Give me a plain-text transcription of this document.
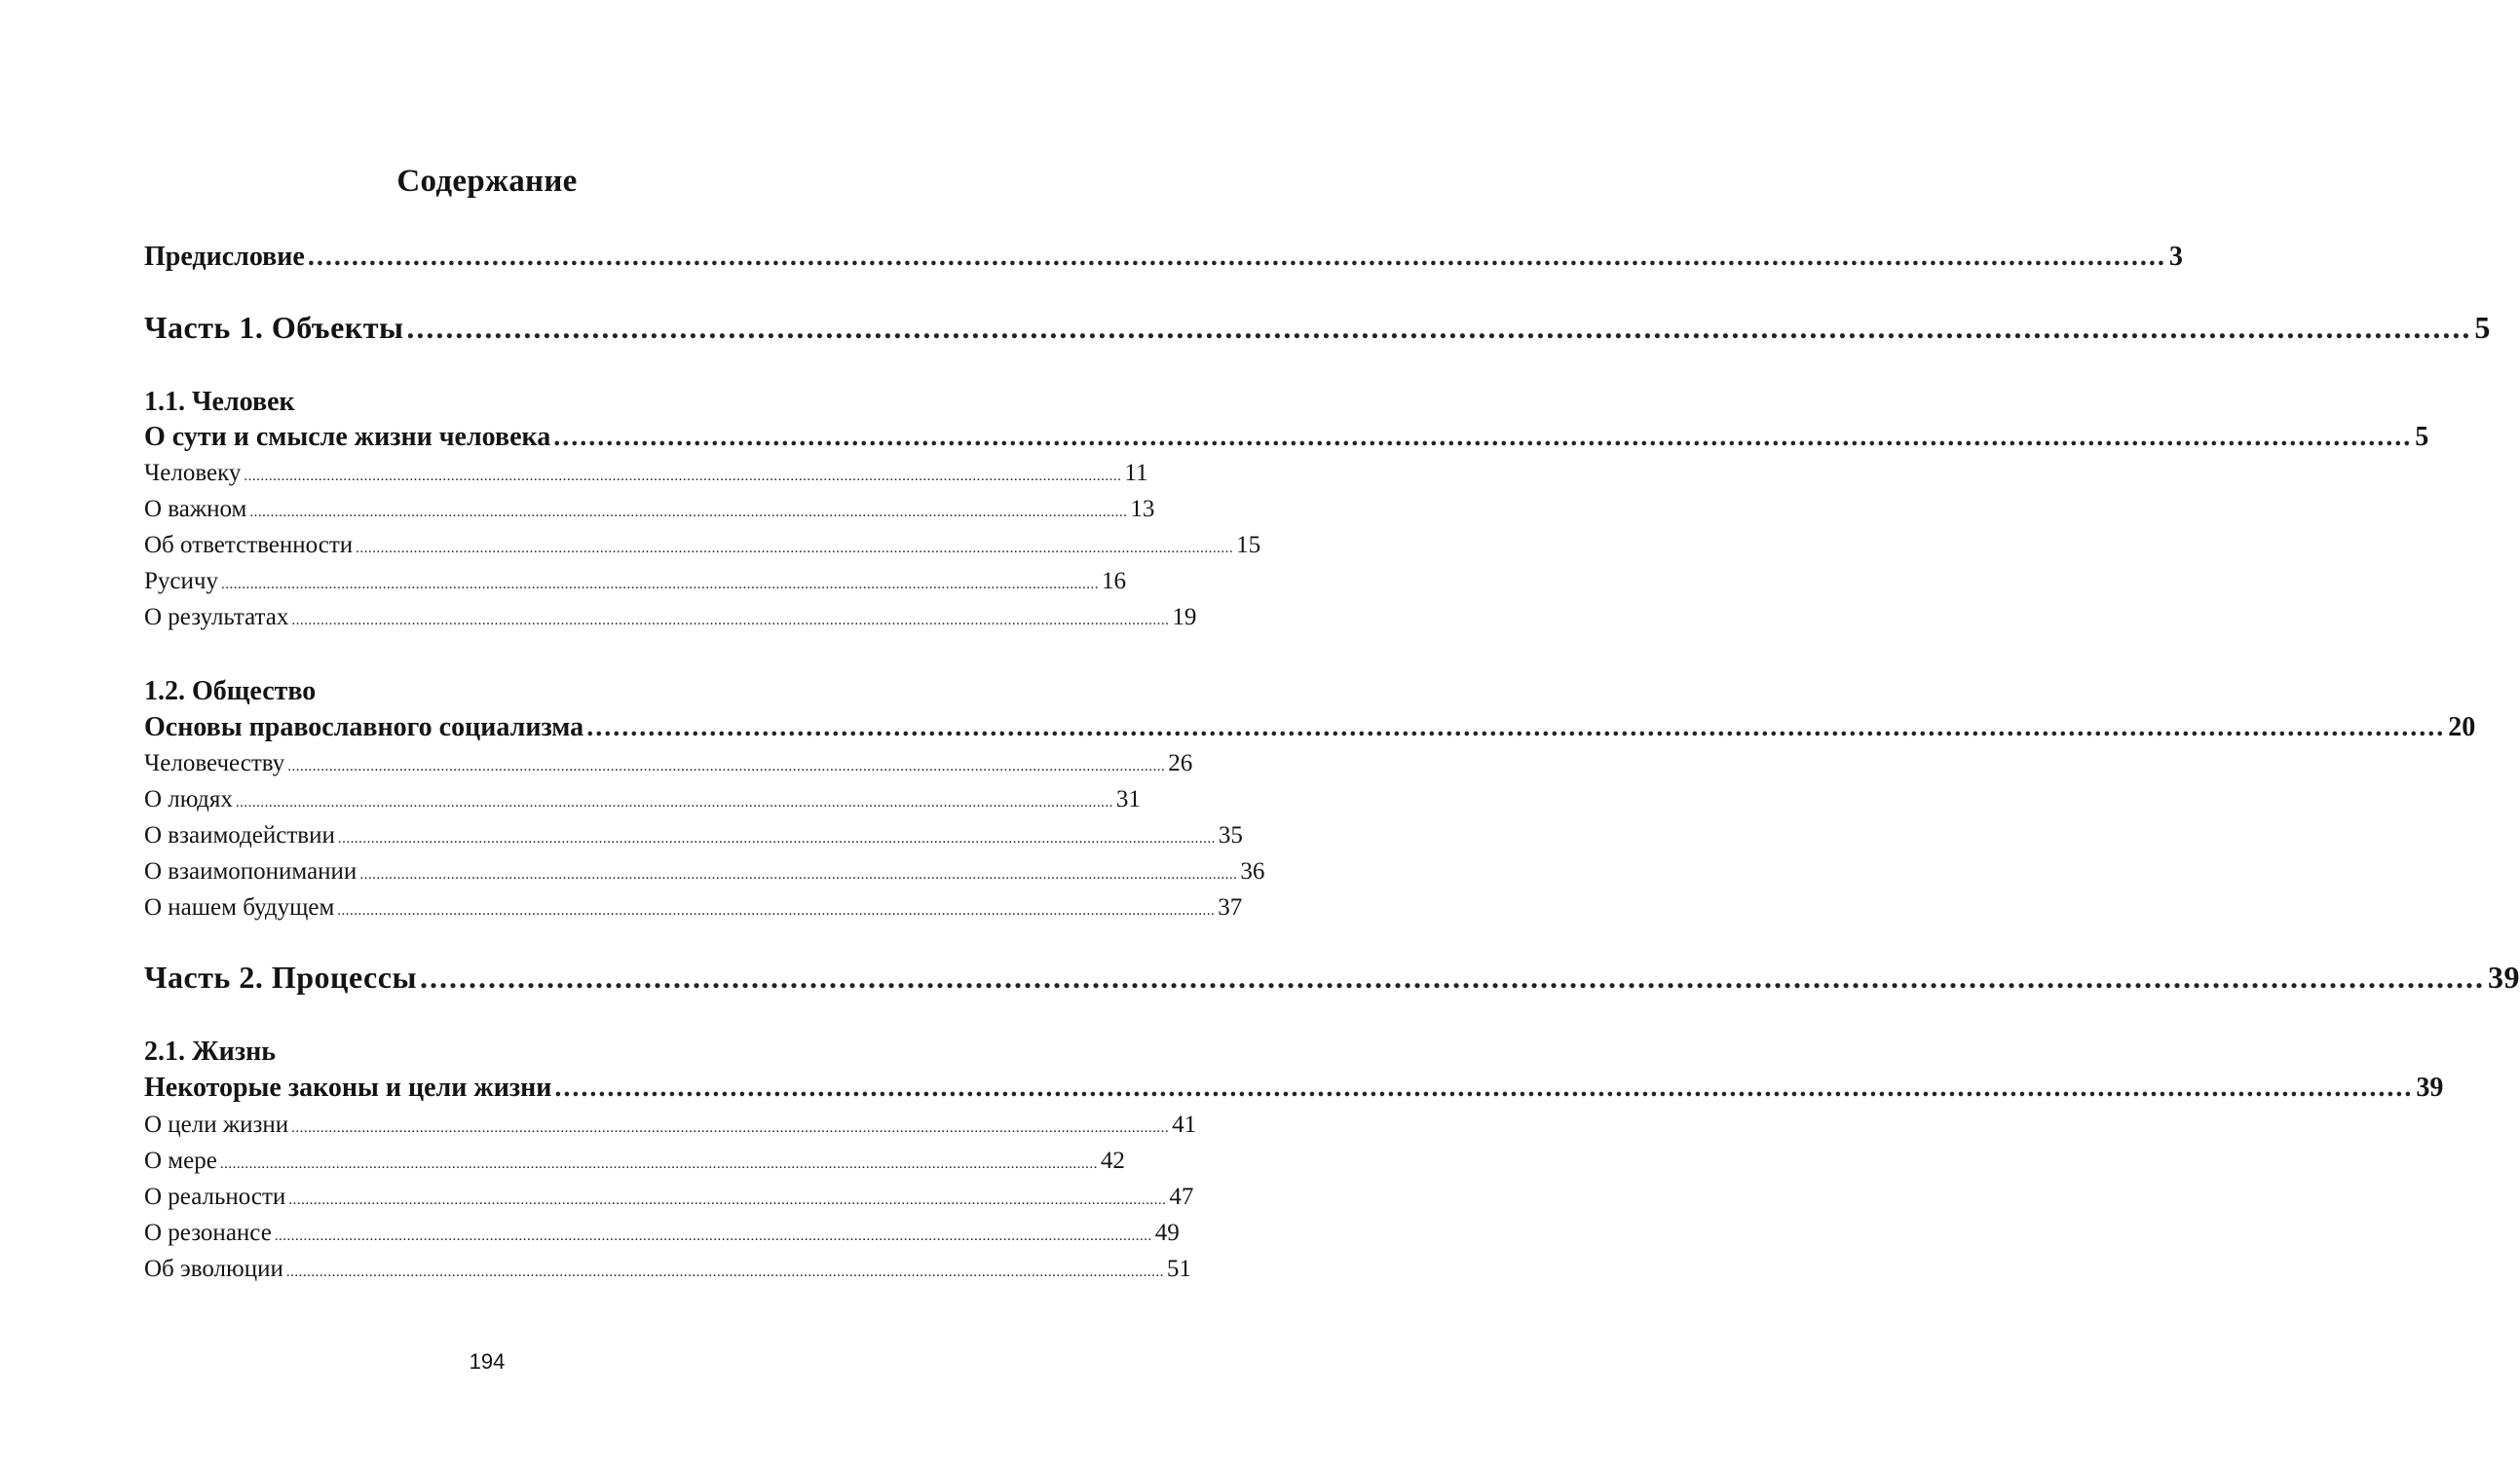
Содержание
Предисловие .................................................................................................................................................................................................................... 3
Часть 1. Объекты .................................................................................................................................................................................................................... 5
1.1. Человек
О сути и смысле жизни человека .................................................................................................................................................................................................................... 5
Человеку .................................................................................................................................................................................................................... 11
О важном .................................................................................................................................................................................................................... 13
Об ответственности .................................................................................................................................................................................................................... 15
Русичу .................................................................................................................................................................................................................... 16
О результатах .................................................................................................................................................................................................................... 19
1.2. Общество
Основы православного социализма .................................................................................................................................................................................................................... 20
Человечеству .................................................................................................................................................................................................................... 26
О людях .................................................................................................................................................................................................................... 31
О взаимодействии .................................................................................................................................................................................................................... 35
О взаимопонимании .................................................................................................................................................................................................................... 36
О нашем будущем .................................................................................................................................................................................................................... 37
Часть 2. Процессы .................................................................................................................................................................................................................... 39
2.1. Жизнь
Некоторые законы и цели жизни .................................................................................................................................................................................................................... 39
О цели жизни .................................................................................................................................................................................................................... 41
О мере .................................................................................................................................................................................................................... 42
О реальности .................................................................................................................................................................................................................... 47
О резонансе .................................................................................................................................................................................................................... 49
Об эволюции .................................................................................................................................................................................................................... 51
194
